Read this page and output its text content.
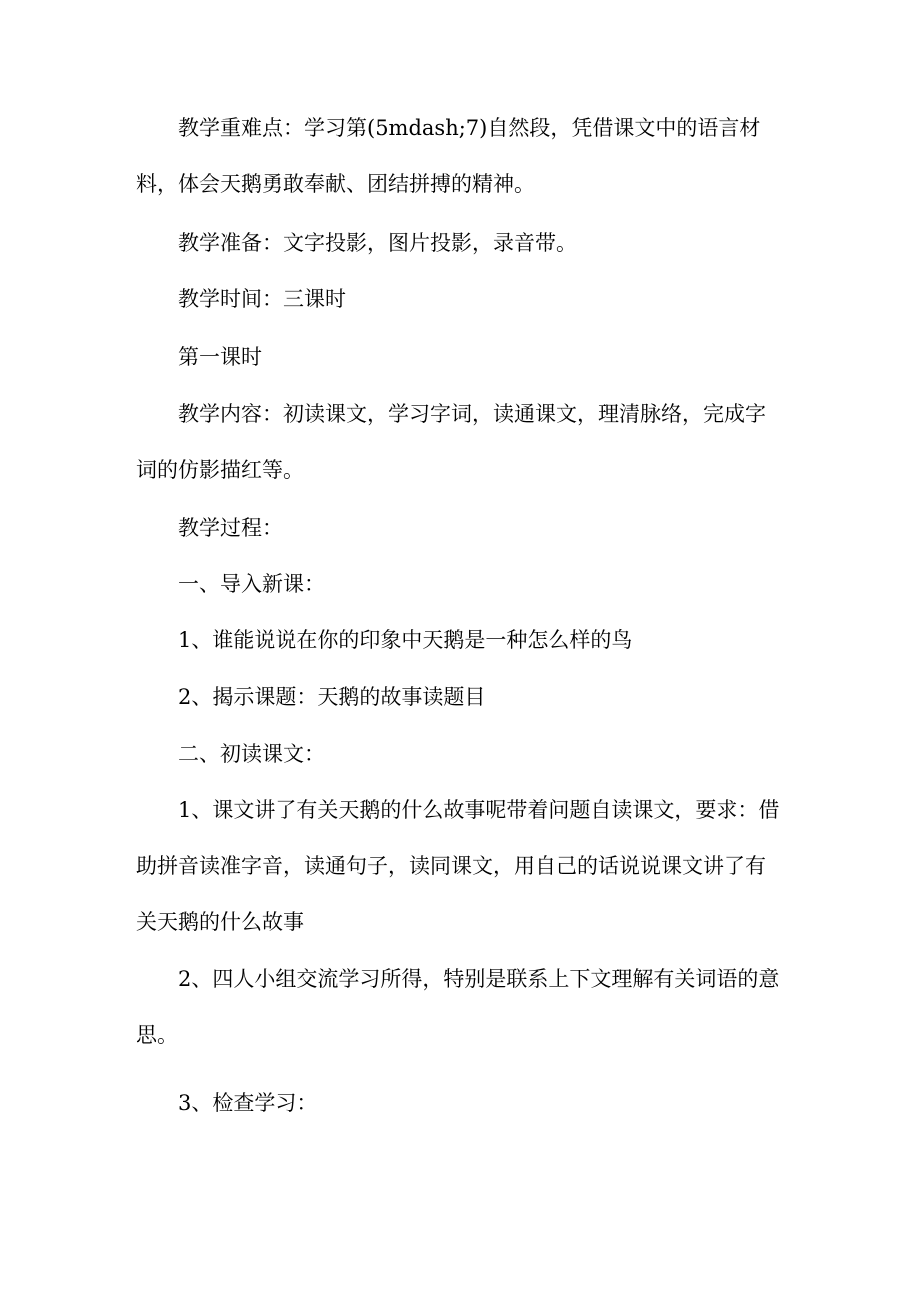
教学重难点：学习第(5mdash;7)自然段，凭借课文中的语言材料，体会天鹅勇敢奉献、团结拼搏的精神。

教学准备：文字投影，图片投影，录音带。

教学时间：三课时

第一课时

教学内容：初读课文，学习字词，读通课文，理清脉络，完成字词的仿影描红等。

教学过程：

一、导入新课：

1、谁能说说在你的印象中天鹅是一种怎么样的鸟

2、揭示课题：天鹅的故事读题目

二、初读课文：

1、课文讲了有关天鹅的什么故事呢带着问题自读课文，要求：借助拼音读准字音，读通句子，读同课文，用自己的话说说课文讲了有关天鹅的什么故事

2、四人小组交流学习所得，特别是联系上下文理解有关词语的意思。

3、检查学习：
